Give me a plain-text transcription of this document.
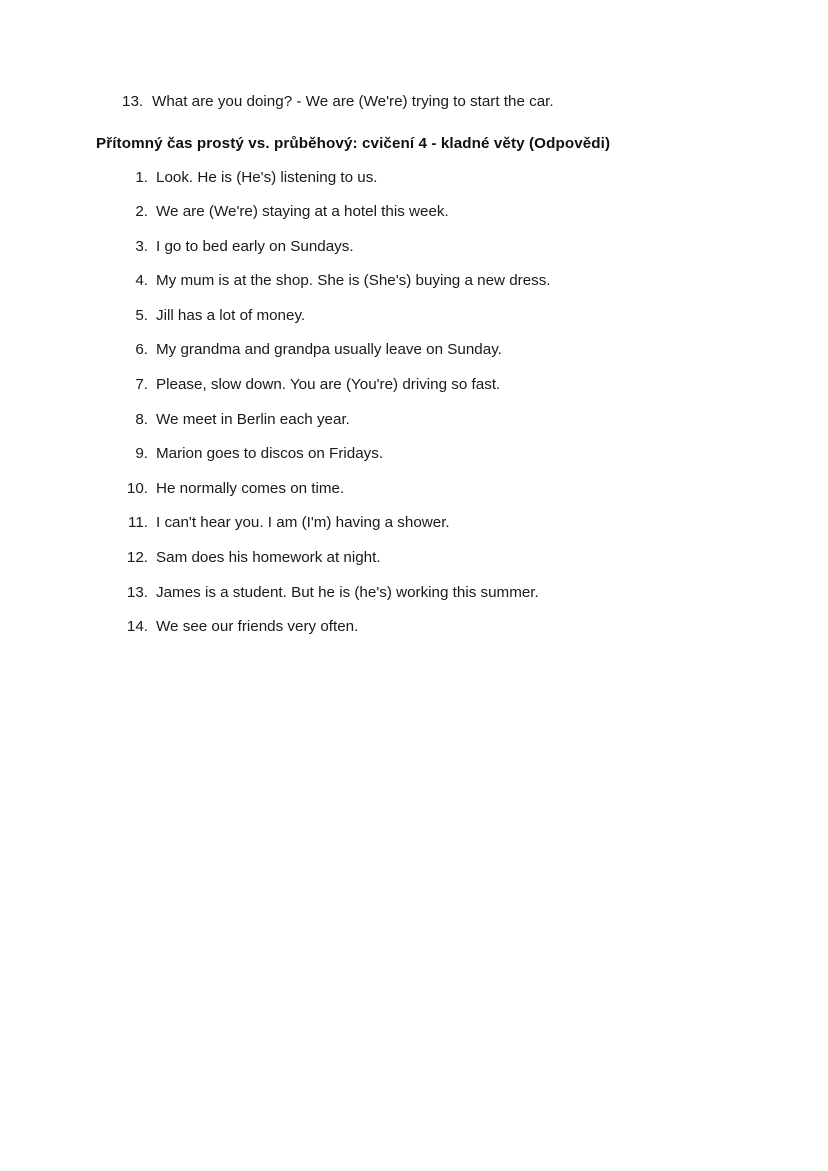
13. What are you doing? - We are (We're) trying to start the car.
Přítomný čas prostý vs. průběhový: cvičení 4 - kladné věty (Odpovědi)
1. Look. He is (He's) listening to us.
2. We are (We're) staying at a hotel this week.
3. I go to bed early on Sundays.
4. My mum is at the shop. She is (She's) buying a new dress.
5. Jill has a lot of money.
6. My grandma and grandpa usually leave on Sunday.
7. Please, slow down. You are (You're) driving so fast.
8. We meet in Berlin each year.
9. Marion goes to discos on Fridays.
10. He normally comes on time.
11. I can't hear you. I am (I'm) having a shower.
12. Sam does his homework at night.
13. James is a student. But he is (he's) working this summer.
14. We see our friends very often.
